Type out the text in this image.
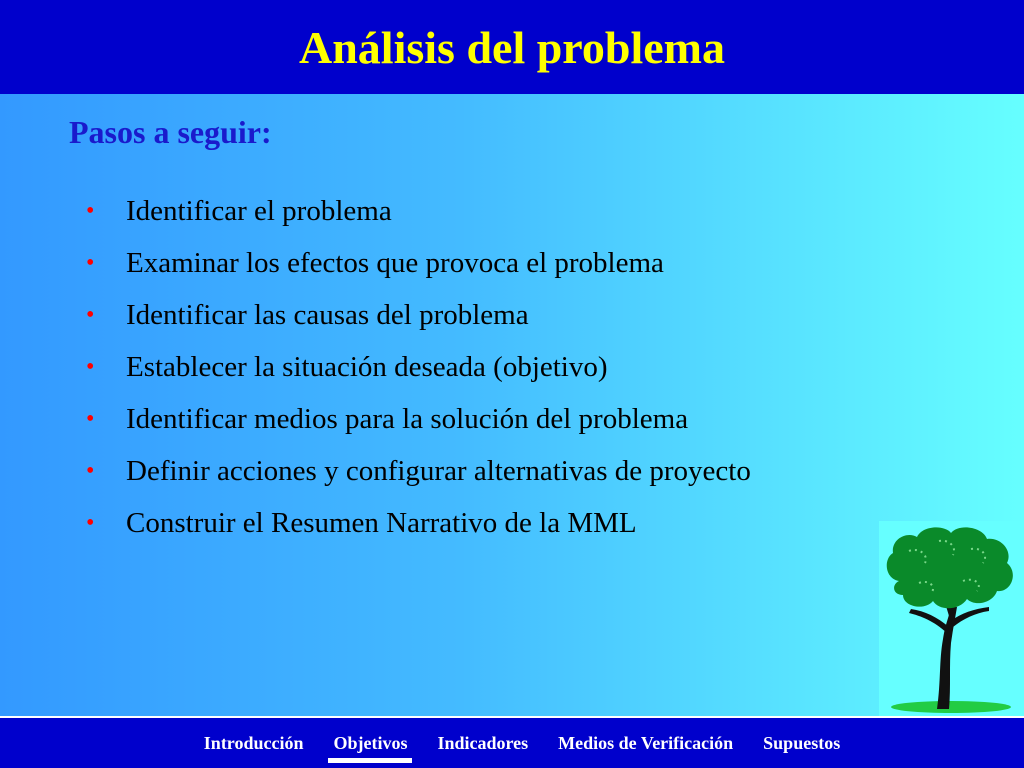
Análisis del problema
Pasos a seguir:
• Identificar el problema
• Examinar los efectos que provoca el problema
• Identificar las causas del problema
• Establecer la situación deseada (objetivo)
• Identificar medios para la solución del problema
• Definir acciones y configurar alternativas de proyecto
• Construir el Resumen Narrativo de la MML
Introducción	Objetivos	Indicadores	Medios de Verificación	Supuestos
